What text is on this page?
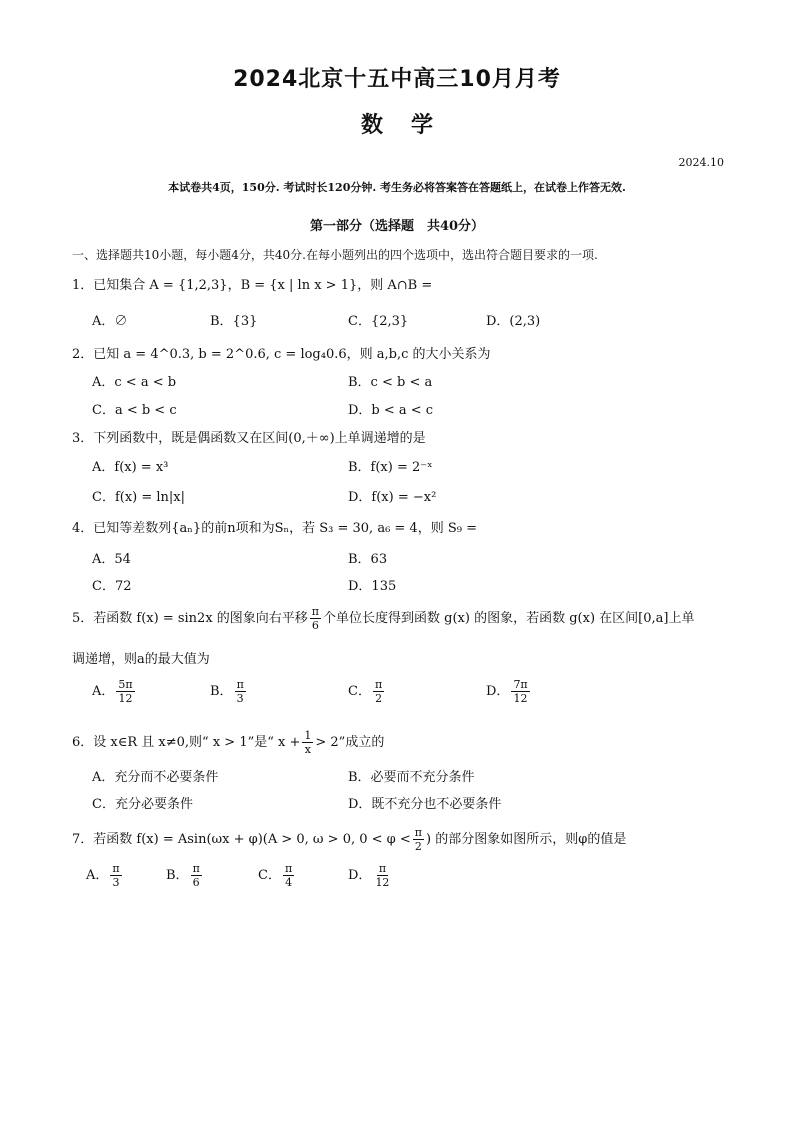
2024北京十五中高三10月月考
数学
2024.10
本试卷共4页，150分. 考试时长120分钟. 考生务必将答案答在答题纸上，在试卷上作答无效.
第一部分（选择题　共40分）
一、选择题共10小题，每小题4分，共40分.在每小题列出的四个选项中，选出符合题目要求的一项.
1．已知集合 A = {1,2,3}，B = {x | ln x > 1}，则 A∩B =
A．∅	B．{3}	C．{2,3}	D．(2,3)
2．已知 a = 4^0.3, b = 2^0.6, c = log₄0.6，则 a,b,c 的大小关系为
A．c < a < b	B．c < b < a
C．a < b < c	D．b < a < c
3．下列函数中，既是偶函数又在区间(0,＋∞)上单调递增的是
A．f(x) = x³	B．f(x) = 2⁻ˣ
C．f(x) = ln|x|	D．f(x) = −x²
4．已知等差数列{aₙ}的前n项和为Sₙ，若 S₃ = 30, a₆ = 4，则 S₉ =
A．54	B．63
C．72	D．135
5．若函数 f(x) = sin2x 的图象向右平移 $\frac{\pi}{6}$ 个单位长度得到函数 g(x) 的图象，若函数 g(x) 在区间[0,a]上单
调递增，则a的最大值为
A． $\frac{5\pi}{12}$	B． $\frac{\pi}{3}$	C． $\frac{\pi}{2}$	D． $\frac{7\pi}{12}$
6．设 x∈R 且 x≠0,则“ x > 1”是“ $x + \frac{1}{x} > 2$”成立的
A．充分而不必要条件	B．必要而不充分条件
C．充分必要条件	D．既不充分也不必要条件
7．若函数 f(x) = Asin(ωx + φ)(A > 0, ω > 0, $0 < \varphi < \frac{\pi}{2}$ ) 的部分图象如图所示，则φ的值是
A． $\frac{\pi}{3}$	B． $\frac{\pi}{6}$	C． $\frac{\pi}{4}$	D． $\frac{\pi}{12}$
